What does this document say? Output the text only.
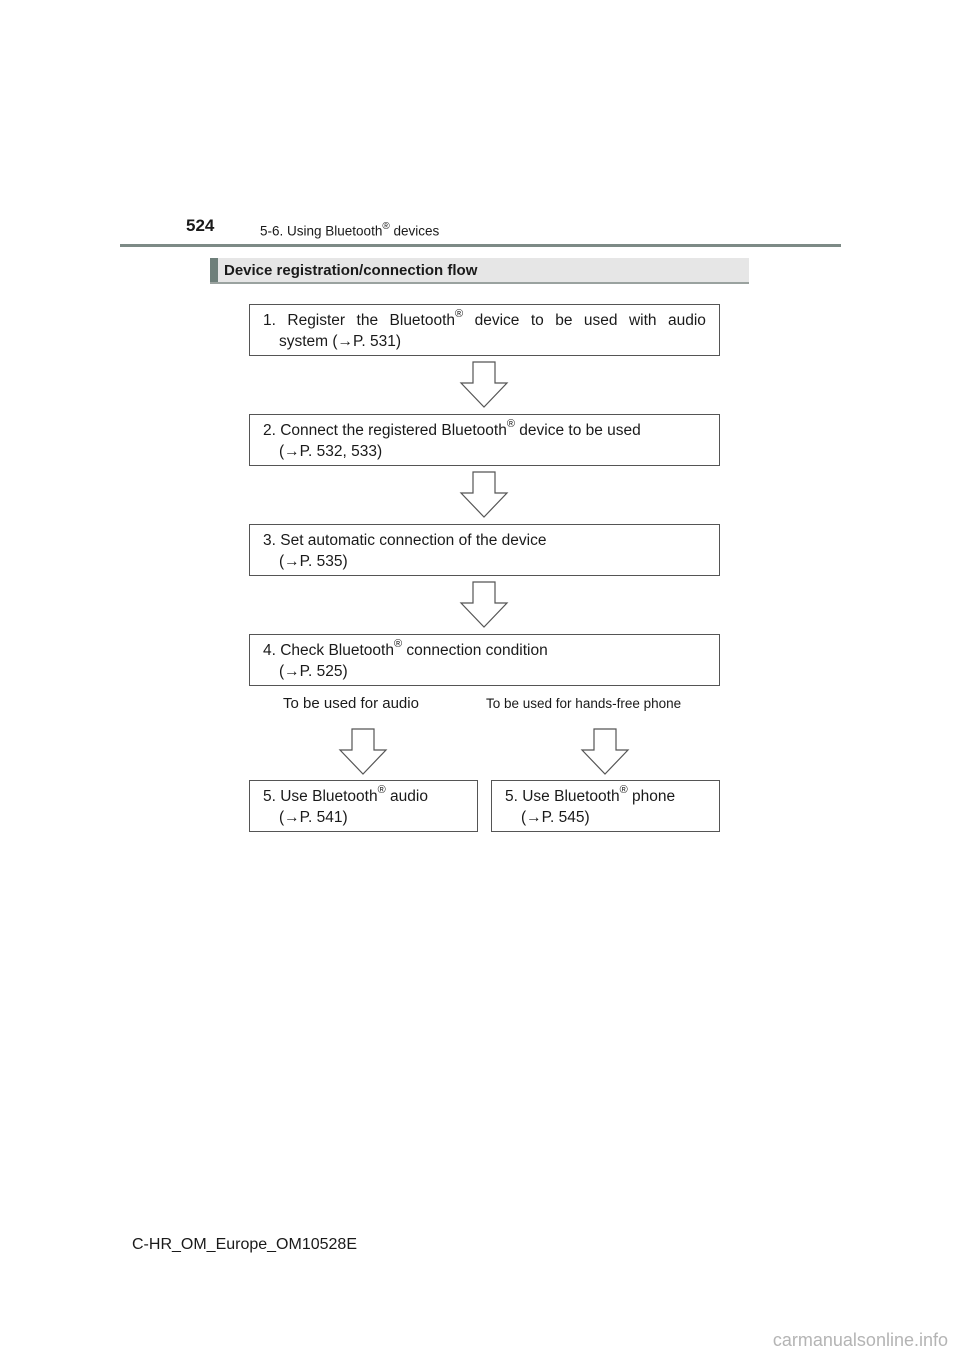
524	5-6. Using Bluetooth® devices
Device registration/connection flow
1. Register the Bluetooth® device to be used with audio
system (→P. 531)
2. Connect the registered Bluetooth® device to be used
(→P. 532, 533)
3. Set automatic connection of the device
(→P. 535)
4. Check Bluetooth® connection condition
(→P. 525)
To be used for audio	To be used for hands-free phone
5. Use Bluetooth® audio
(→P. 541)
5. Use Bluetooth® phone
(→P. 545)
C-HR_OM_Europe_OM10528E
carmanualsonline.info
